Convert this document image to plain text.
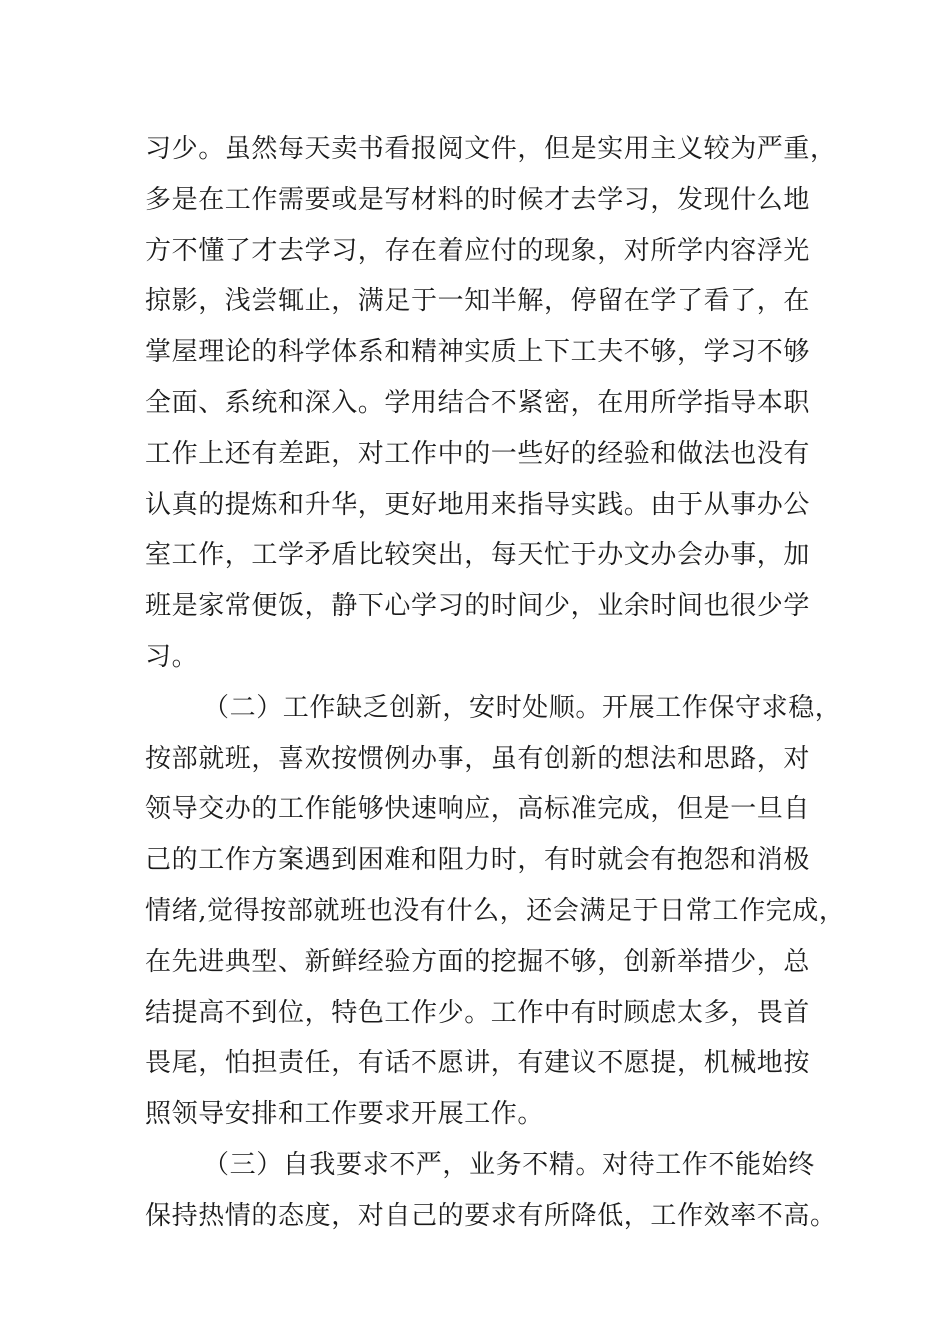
习少。虽然每天卖书看报阅文件，但是实用主义较为严重，
多是在工作需要或是写材料的时候才去学习，发现什么地
方不懂了才去学习，存在着应付的现象，对所学内容浮光
掠影，浅尝辄止，满足于一知半解，停留在学了看了，在
掌屋理论的科学体系和精神实质上下工夫不够，学习不够
全面、系统和深入。学用结合不紧密，在用所学指导本职
工作上还有差距，对工作中的一些好的经验和做法也没有
认真的提炼和升华，更好地用来指导实践。由于从事办公
室工作，工学矛盾比较突出，每天忙于办文办会办事，加
班是家常便饭，静下心学习的时间少，业余时间也很少学
习。
（二）工作缺乏创新，安时处顺。开展工作保守求稳，
按部就班，喜欢按惯例办事，虽有创新的想法和思路，对
领导交办的工作能够快速响应，高标准完成，但是一旦自
己的工作方案遇到困难和阻力时，有时就会有抱怨和消极
情绪,觉得按部就班也没有什么，还会满足于日常工作完成，
在先进典型、新鲜经验方面的挖掘不够，创新举措少，总
结提高不到位，特色工作少。工作中有时顾虑太多，畏首
畏尾，怕担责任，有话不愿讲，有建议不愿提，机械地按
照领导安排和工作要求开展工作。
（三）自我要求不严，业务不精。对待工作不能始终
保持热情的态度，对自己的要求有所降低，工作效率不高。
